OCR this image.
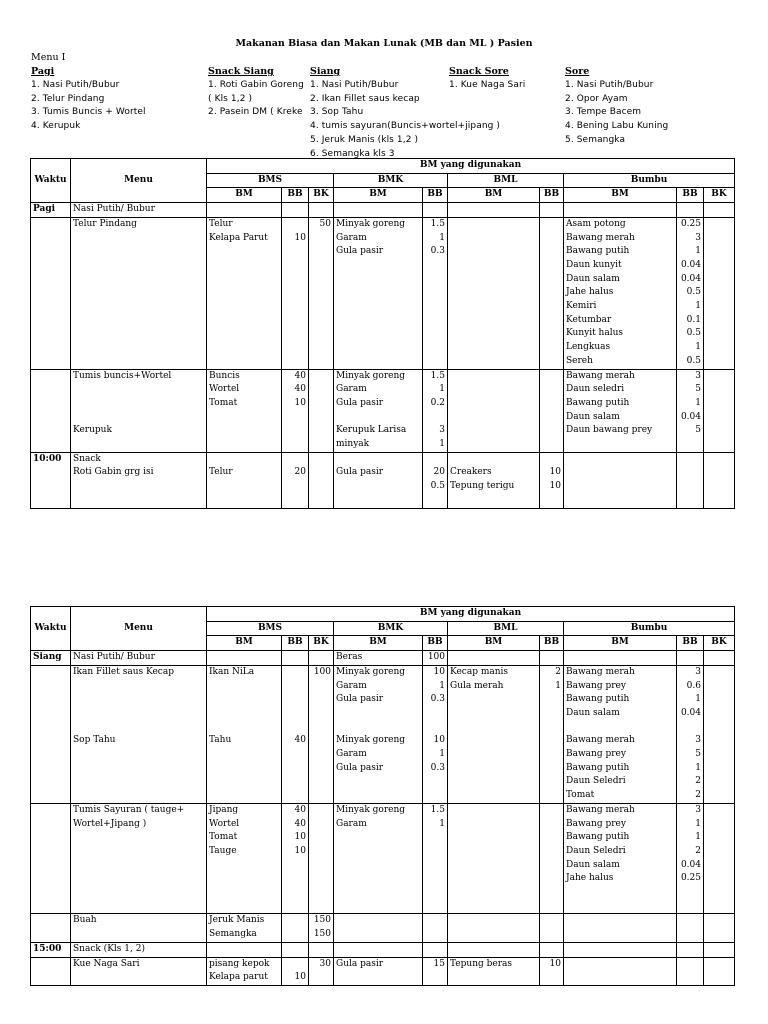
Makanan Biasa dan Makan Lunak (MB dan ML ) Pasien
Menu I
Pagi
1. Nasi Putih/Bubur
2. Telur Pindang
3. Tumis Buncis + Wortel
4. Kerupuk
Snack Siang
1. Roti Gabin Goreng
( Kls 1,2 )
2. Pasein DM ( Kreke
Siang
1. Nasi Putih/Bubur
2. Ikan Fillet saus kecap
3. Sop Tahu
4. tumis sayuran(Buncis+wortel+jipang )
5. Jeruk Manis (kls 1,2 )
6. Semangka kls 3
Snack Sore
1. Kue Naga Sari
Sore
1. Nasi Putih/Bubur
2. Opor Ayam
3. Tempe Bacem
4. Bening Labu Kuning
5. Semangka
Waktu	Menu	BM yang digunakan									
		BMS			BMK		BML		Bumbu		
		BM	BB	BK	BM	BB	BM	BB	BM	BB	BK
Pagi	Nasi Putih/ Bubur										
	Telur Pindang	Telur		50	Minyak goreng	1.5			Asam potong	0.25	
		Kelapa Parut	10		Garam	1			Bawang merah	3	
					Gula pasir	0.3			Bawang putih	1	
									Daun kunyit	0.04	
									Daun salam	0.04	
									Jahe halus	0.5	
									Kemiri	1	
									Ketumbar	0.1	
									Kunyit halus	0.5	
									Lengkuas	1	
									Sereh	0.5	
	Tumis buncis+Wortel	Buncis	40		Minyak goreng	1.5			Bawang merah	3	
		Wortel	40		Garam	1			Daun seledri	5	
		Tomat	10		Gula pasir	0.2			Bawang putih	1	
									Daun salam	0.04	
	Kerupuk				Kerupuk Larisa	3			Daun bawang prey	5	
					minyak	1					
10:00	Snack										
	Roti Gabin grg isi	Telur	20		Gula pasir	20	Creakers	10			
						0.5	Tepung terigu	10			

Waktu	Menu	BM yang digunakan									
		BMS			BMK		BML		Bumbu		
		BM	BB	BK	BM	BB	BM	BB	BM	BB	BK
Siang	Nasi Putih/ Bubur				Beras	100					
	Ikan Fillet saus Kecap	Ikan NiLa		100	Minyak goreng	10	Kecap manis	2	Bawang merah	3	
					Garam	1	Gula merah	1	Bawang prey	0.6	
					Gula pasir	0.3			Bawang putih	1	
									Daun salam	0.04	

	Sop Tahu	Tahu	40		Minyak goreng	10			Bawang merah	3	
					Garam	1			Bawang prey	5	
					Gula pasir	0.3			Bawang putih	1	
									Daun Seledri	2	
									Tomat	2	
	Tumis Sayuran ( tauge+	Jipang	40		Minyak goreng	1.5			Bawang merah	3	
	Wortel+Jipang )	Wortel	40		Garam	1			Bawang prey	1	
		Tomat	10						Bawang putih	1	
		Tauge	10						Daun Seledri	2	
									Daun salam	0.04	
									Jahe halus	0.25	

	Buah	Jeruk Manis		150							
		Semangka		150							
15:00	Snack (Kls 1, 2)										
	Kue Naga Sari	pisang kepok		30	Gula pasir	15	Tepung beras	10			
		Kelapa parut	10								
